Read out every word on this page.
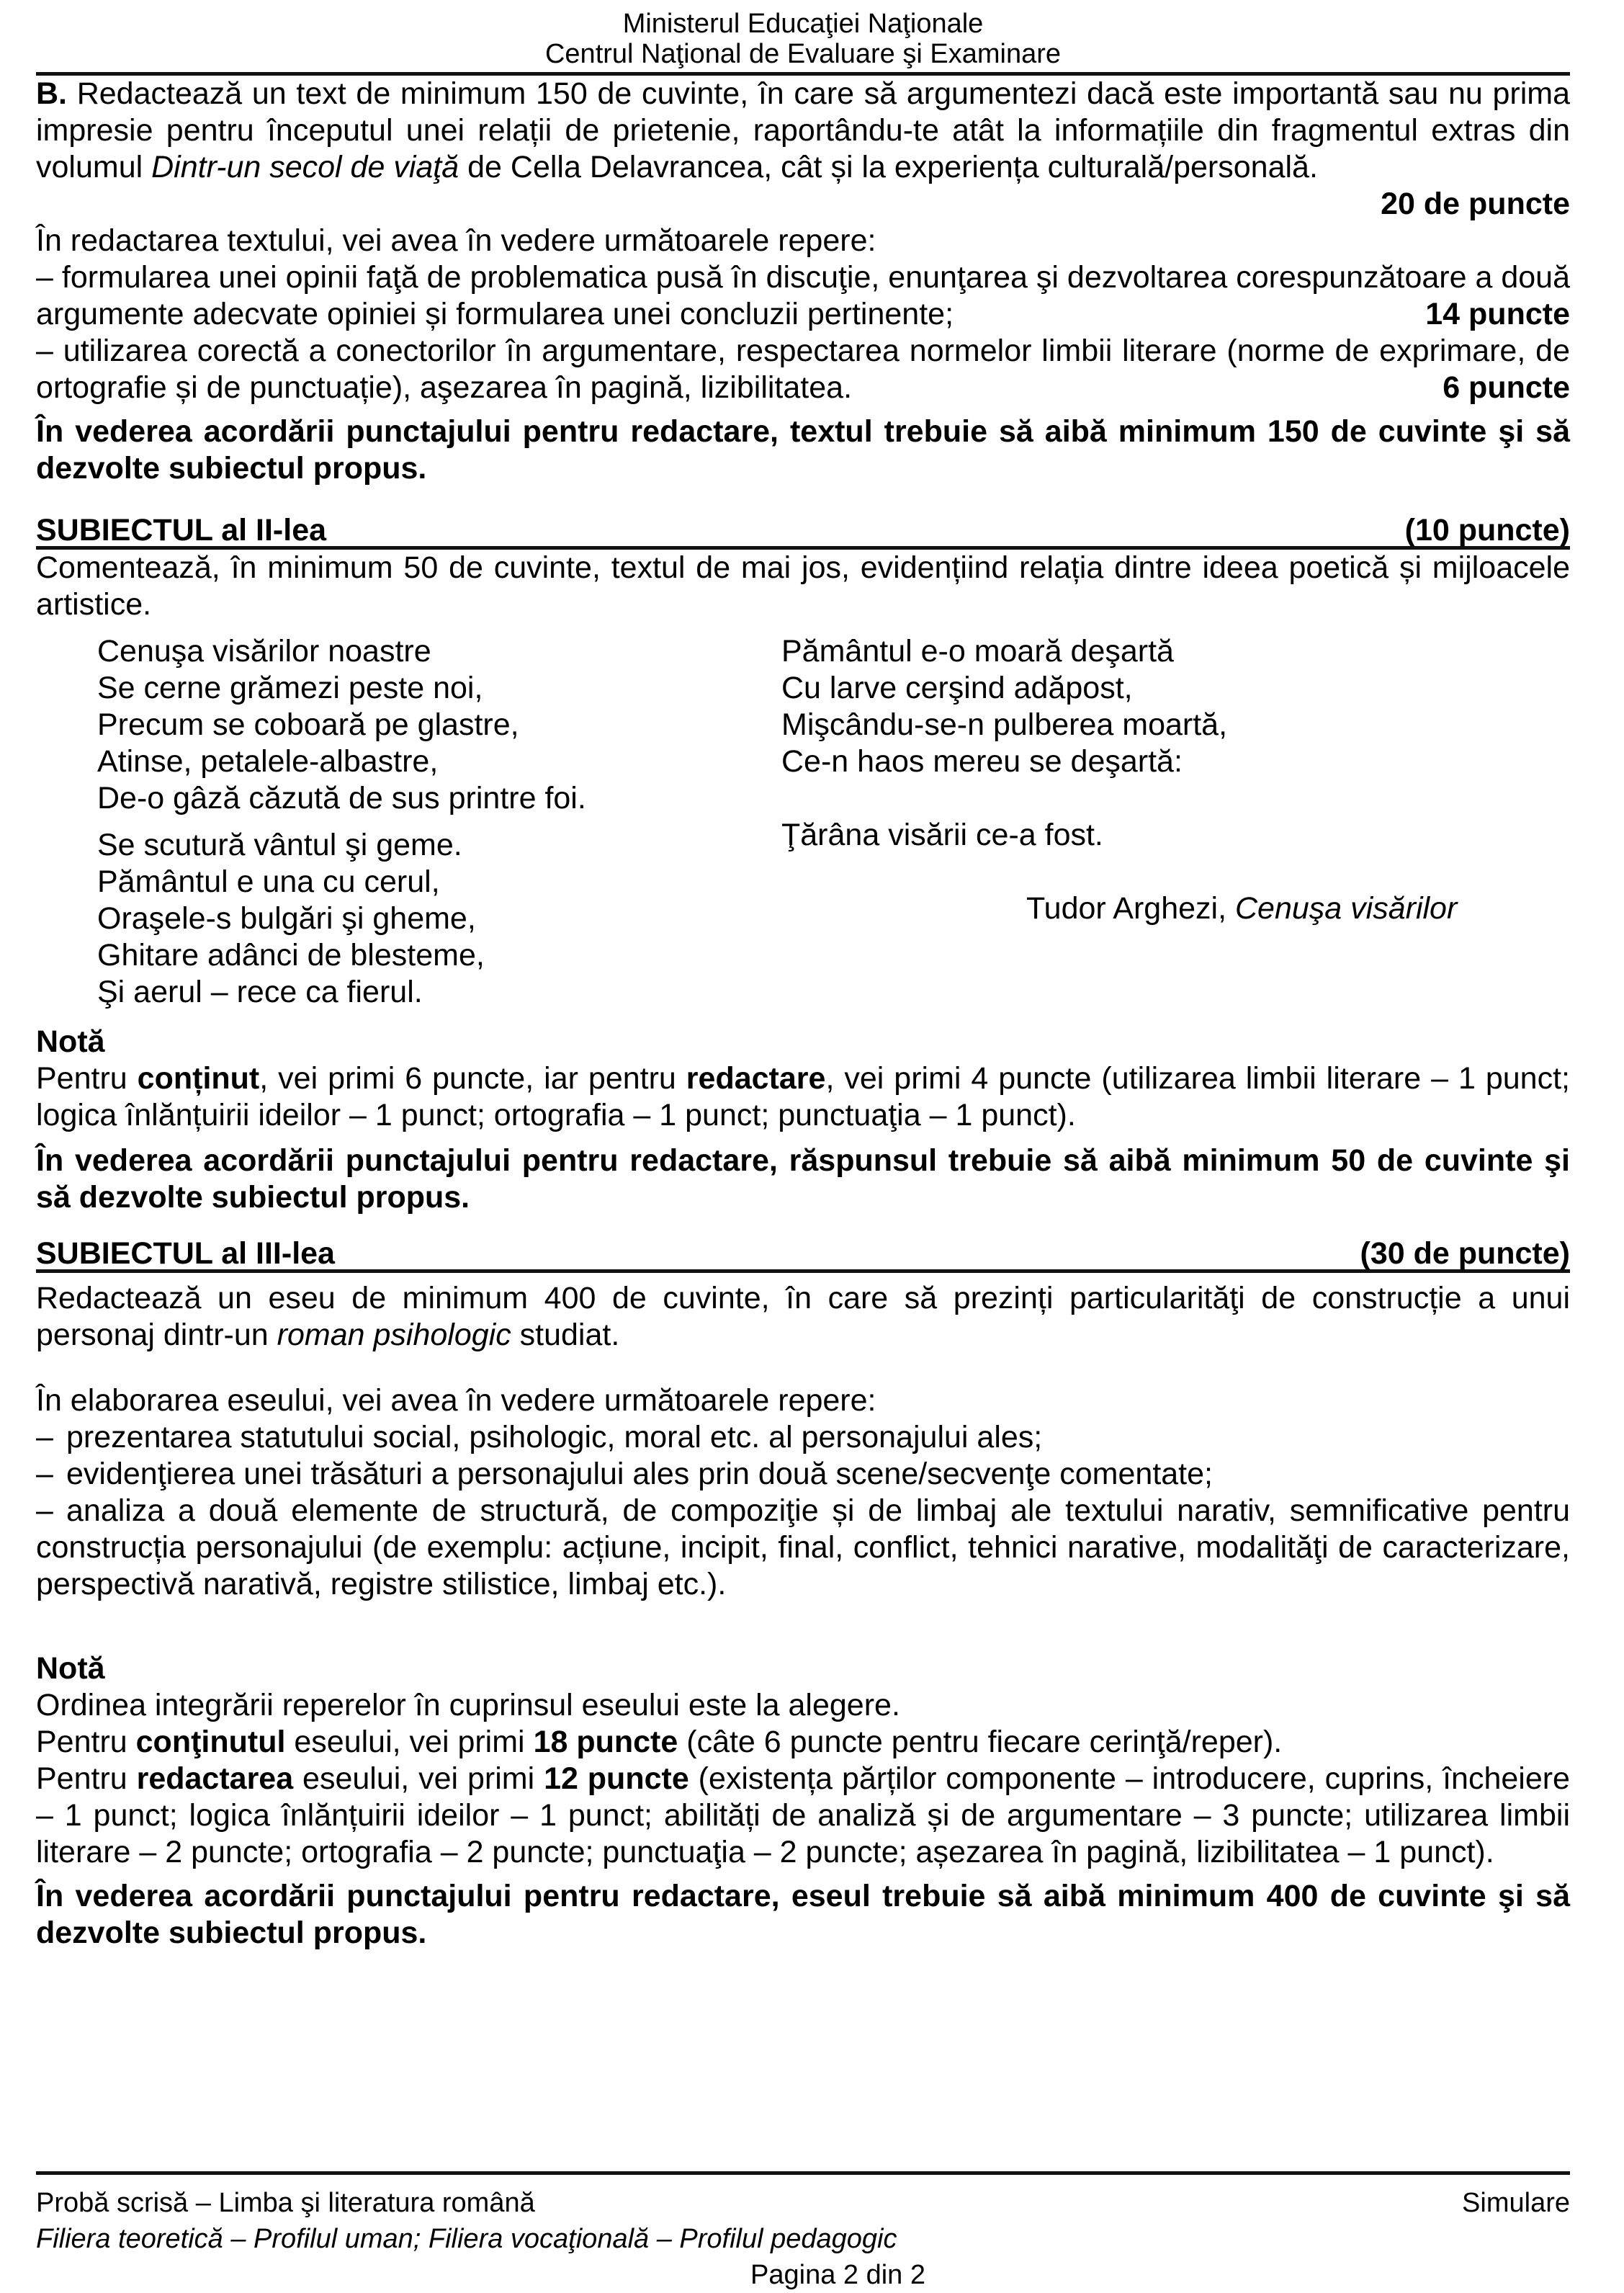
Ministerul Educaţiei Naţionale
Centrul Naţional de Evaluare şi Examinare
B. Redactează un text de minimum 150 de cuvinte, în care să argumentezi dacă este importantă sau nu prima impresie pentru începutul unei relații de prietenie, raportându-te atât la informațiile din fragmentul extras din volumul Dintr-un secol de viaţă de Cella Delavrancea, cât și la experiența culturală/personală.
20 de puncte
În redactarea textului, vei avea în vedere următoarele repere:
– formularea unei opinii faţă de problematica pusă în discuţie, enunţarea şi dezvoltarea corespunzătoare a două argumente adecvate opiniei și formularea unei concluzii pertinente;	14 puncte
– utilizarea corectă a conectorilor în argumentare, respectarea normelor limbii literare (norme de exprimare, de ortografie și de punctuație), aşezarea în pagină, lizibilitatea.	6 puncte
În vederea acordării punctajului pentru redactare, textul trebuie să aibă minimum 150 de cuvinte şi să dezvolte subiectul propus.
SUBIECTUL al II-lea	(10 puncte)
Comentează, în minimum 50 de cuvinte, textul de mai jos, evidențiind relația dintre ideea poetică și mijloacele artistice.
Cenuşa visărilor noastre
Se cerne grămezi peste noi,
Precum se coboară pe glastre,
Atinse, petalele-albastre,
De-o gâză căzută de sus printre foi.
Se scutură vântul şi geme.
Pământul e una cu cerul,
Oraşele-s bulgări şi gheme,
Ghitare adânci de blesteme,
Şi aerul – rece ca fierul.
Pământul e-o moară deşartă
Cu larve cerşind adăpost,
Mişcându-se-n pulberea moartă,
Ce-n haos mereu se deşartă:
Ţărâna visării ce-a fost.
Tudor Arghezi, Cenuşa visărilor
Notă
Pentru conținut, vei primi 6 puncte, iar pentru redactare, vei primi 4 puncte (utilizarea limbii literare – 1 punct; logica înlănțuirii ideilor – 1 punct; ortografia – 1 punct; punctuaţia – 1 punct).
În vederea acordării punctajului pentru redactare, răspunsul trebuie să aibă minimum 50 de cuvinte şi să dezvolte subiectul propus.
SUBIECTUL al III-lea	(30 de puncte)
Redactează un eseu de minimum 400 de cuvinte, în care să prezinți particularităţi de construcție a unui personaj dintr-un roman psihologic studiat.
În elaborarea eseului, vei avea în vedere următoarele repere:
– prezentarea statutului social, psihologic, moral etc. al personajului ales;
– evidenţierea unei trăsături a personajului ales prin două scene/secvenţe comentate;
– analiza a două elemente de structură, de compoziţie și de limbaj ale textului narativ, semnificative pentru construcția personajului (de exemplu: acțiune, incipit, final, conflict, tehnici narative, modalităţi de caracterizare, perspectivă narativă, registre stilistice, limbaj etc.).
Notă
Ordinea integrării reperelor în cuprinsul eseului este la alegere.
Pentru conţinutul eseului, vei primi 18 puncte (câte 6 puncte pentru fiecare cerinţă/reper).
Pentru redactarea eseului, vei primi 12 puncte (existența părților componente – introducere, cuprins, încheiere – 1 punct; logica înlănțuirii ideilor – 1 punct; abilități de analiză și de argumentare – 3 puncte; utilizarea limbii literare – 2 puncte; ortografia – 2 puncte; punctuaţia – 2 puncte; așezarea în pagină, lizibilitatea – 1 punct).
În vederea acordării punctajului pentru redactare, eseul trebuie să aibă minimum 400 de cuvinte şi să dezvolte subiectul propus.
Probă scrisă – Limba şi literatura română	Simulare
Filiera teoretică – Profilul uman; Filiera vocaţională – Profilul pedagogic
Pagina 2 din 2
